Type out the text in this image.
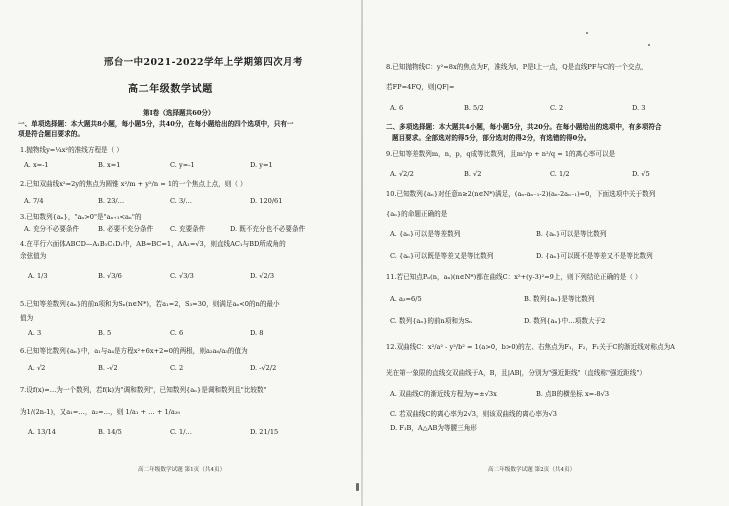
邢台一中2021-2022学年上学期第四次月考
高二年级数学试题
第Ⅰ卷（选择题共60分）
一、单项选择题：本大题共8小题，每小题5分，共40分，在每小题给出的四个选项中，只有一
项是符合题目要求的。
1.抛物线y=¼x²的准线方程是（ ）
A. x=-1	B. x=1	C. y=-1	D. y=1
2.已知双曲线x²=2y的焦点为圆锥 x²/m + y²/n = 1的一个焦点上点，则（ ）
A. 7/4	B. 23/…	C. 3/…	D. 120/61
3.已知数列{aₙ}，"aₙ>0"是"aₙ₊₁<aₙ"的
A. 充分不必要条件	B. 必要不充分条件	C. 充要条件	D. 既不充分也不必要条件
4.在平行六面体ABCD—A₁B₁C₁D₁中，AB=BC=1，AA₁=√3，则直线AC₁与BD所成角的
余弦值为
A. 1/3	B. √3/6	C. √3/3	D. √2/3
5.已知等差数列{aₙ}的前n项和为Sₙ(n∈N*)，若a₁=2，S₃=30，则满足aₙ<0的n的最小
值为
A. 3	B. 5	C. 6	D. 8
6.已知等比数列{aₙ}中，a₁与a₄是方程x²+6x+2=0的两根，则a₂a₆/a₃的值为
A. √2	B. -√2	C. 2	D. -√2/2
7.设f(x)=…为一个数列，若f(k)为"调和数列"，已知数列{aₙ}是调和数列且"比较数"
为1/(2n-1)，又a₁=…，a₂=…，则 1/a₁ + … + 1/a₃₀
A. 13/14	B. 14/5	C. 1/…	D. 21/15
高二年级数学试题 第1页（共4页）
8.已知抛物线C：y²=8x的焦点为F，准线为l，P是l上一点，Q是直线PF与C的一个交点，
若FP=4FQ，则|QF|=
A. 6	B. 5/2	C. 2	D. 3
二、多项选择题：本大题共4小题，每小题5分，共20分。在每小题给出的选项中，有多项符合
题目要求。全部选对的得5分，部分选对的得2分，有选错的得0分。
9.已知等差数列m，n，p，q成等比数列，且m²/p + n²/q = 1的离心率可以是
A. √2/2	B. √2	C. 1/2	D. √5
10.已知数列{aₙ}对任意n≥2(n∈N*)满足，(aₙ-aₙ₋₁-2)(aₙ-2aₙ₋₁)=0，下面选项中关于数列
{aₙ}的命题正确的是
A. {aₙ}可以是等差数列	B. {aₙ}可以是等比数列
C. {aₙ}可以既是等差又是等比数列	D. {aₙ}可以既不是等差又不是等比数列
11.若已知点Pₙ(n，aₙ)(n∈N*)都在曲线C：x²+(y-3)²=9上，则下列结论正确的是（ ）
A. a₃=6/5	B. 数列{aₙ}是等比数列
C. 数列{aₙ}的前n项和为Sₙ	D. 数列{aₙ}中…项数大于2
12.双曲线C：x²/a² - y²/b² = 1(a>0，b>0)的左、右焦点为F₁，F₂，F₁关于C的渐近线对称点为A
光在第一象限的直线交双曲线于A，B，且|AB|，分别为"强近距线"（直线称"强近距线"）
A. 双曲线C的渐近线方程为y=±√3x	B. 点B的横坐标 x=-8√3
C. 若双曲线C的离心率为2√3，则该双曲线的离心率为√3
D. F₁B，A△AB为等腰三角形
高二年级数学试题 第2页（共4页）
